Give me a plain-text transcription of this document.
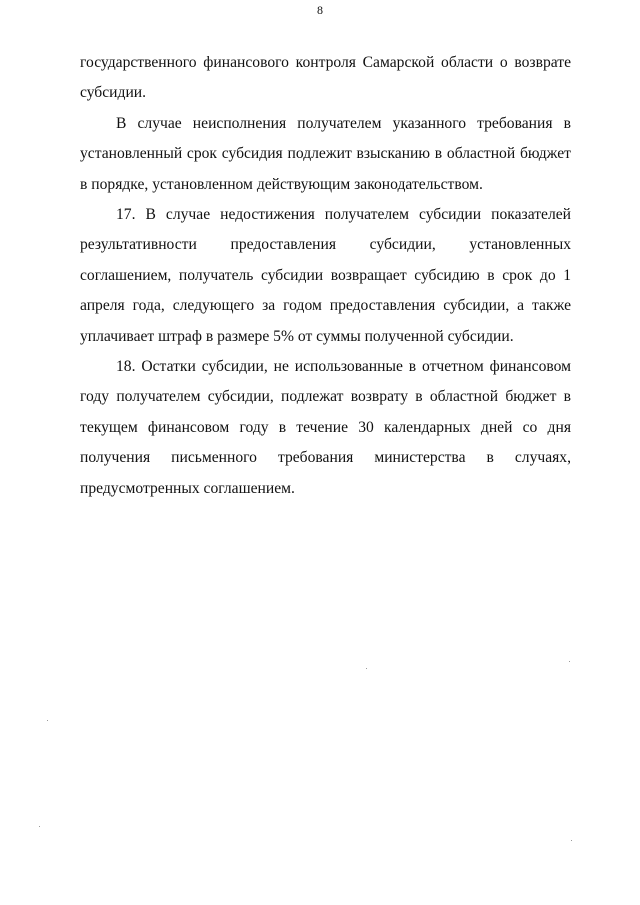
8

государственного финансового контроля Самарской области о возврате субсидии.

В случае неисполнения получателем указанного требования в установленный срок субсидия подлежит взысканию в областной бюджет в порядке, установленном действующим законодательством.

17. В случае недостижения получателем субсидии показателей результативности предоставления субсидии, установленных соглашением, получатель субсидии возвращает субсидию в срок до 1 апреля года, следующего за годом предоставления субсидии, а также уплачивает штраф в размере 5% от суммы полученной субсидии.

18. Остатки субсидии, не использованные в отчетном финансовом году получателем субсидии, подлежат возврату в областной бюджет в текущем финансовом году в течение 30 календарных дней со дня получения письменного требования министерства в случаях,
предусмотренных соглашением.
